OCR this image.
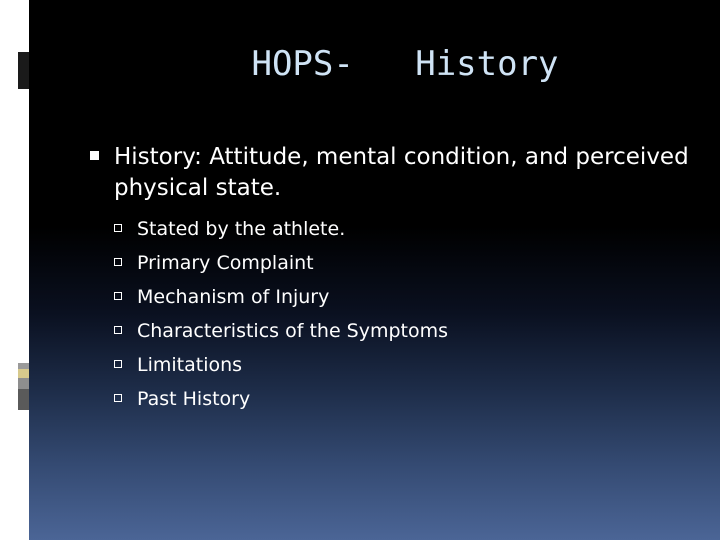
HOPS-   History

History: Attitude, mental condition, and perceived physical state.

Stated by the athlete.
Primary Complaint
Mechanism of Injury
Characteristics of the Symptoms
Limitations
Past History
